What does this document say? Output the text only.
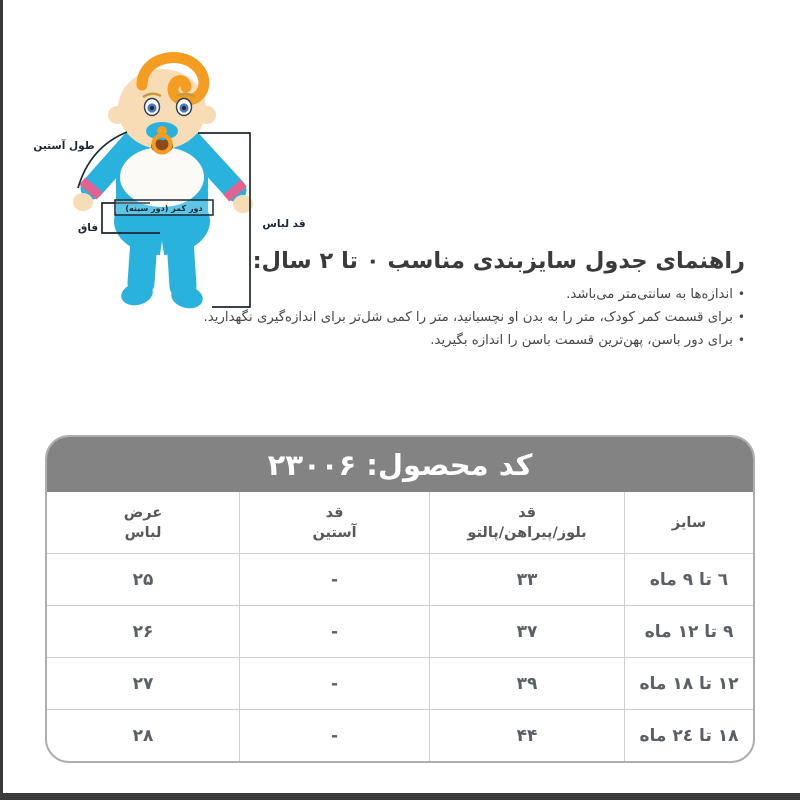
دور کمر (دور سینه)
طول آستین
فاق	قد لباس
راهنمای جدول سایزبندی مناسب ۰ تا ۲ سال:
•اندازه‌ها به سانتی‌متر می‌باشد.
•برای قسمت کمر کودک، متر را به بدن او نچسبانید، متر را کمی شل‌تر برای اندازه‌گیری نگهدارید.
•برای دور باسن، پهن‌ترین قسمت باسن را اندازه بگیرید.
کد محصول: ۲۳۰۰۶
سایز
قد
بلوز/پیراهن/پالتو
قد
آستین
عرض
لباس
٦ تا ٩ ماه
۳۳
-
۲۵
٩ تا ١٢ ماه
۳۷
-
۲۶
١٢ تا ١٨ ماه
۳۹
-
۲۷
١٨ تا ٢٤ ماه
۴۴
-
۲۸
